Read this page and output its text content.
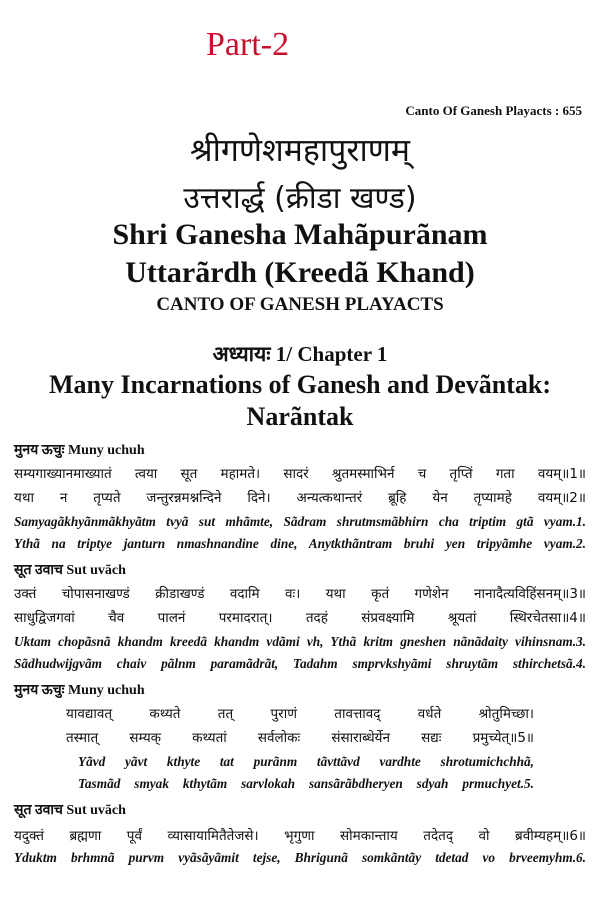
Part-2
Canto Of Ganesh Playacts : 655
श्रीगणेशमहापुराणम्
उत्तरार्द्ध (क्रीडा खण्ड)
Shri Ganesha Mahãpurãnam
Uttarãrdh (Kreedã Khand)
CANTO OF GANESH PLAYACTS
अध्यायः 1/ Chapter 1
Many Incarnations of Ganesh and Devãntak:
Narãntak
मुनय ऊचुः Muny uchuh
सम्यगाख्यानमाख्यातं त्वया सूत महामते। सादरं श्रुतमस्माभिर्न च तृप्तिं गता वयम्॥1॥
यथा न तृप्यते जन्तुरन्नमश्नन्दिने दिने। अन्यत्कथान्तरं ब्रूहि येन तृप्यामहे वयम्॥2॥
Samyagãkhyãnmãkhyãtm tvyã sut mhãmte, Sãdram shrutmsmãbhirn cha triptim gtã vyam.1.
Ythã na triptye janturn nmashnandine dine, Anytkthãntram bruhi yen tripyãmhe vyam.2.
सूत उवाच Sut uvãch
उक्तं चोपासनाखण्डं क्रीडाखण्डं वदामि वः। यथा कृतं गणेशेन नानादैत्यविहिंसनम्॥3॥
साधुद्विजगवां चैव पालनं परमादरात्। तदहं संप्रवक्ष्यामि श्रूयतां स्थिरचेतसा॥4॥
Uktam chopãsnã khandm kreedã khandm vdãmi vh, Ythã kritm gneshen nãnãdaity vihinsnam.3.
Sãdhudwijgvãm chaiv pãlnm paramãdrãt, Tadahm smprvkshyãmi shruytãm sthirchetsã.4.
मुनय ऊचुः Muny uchuh
यावद्यावत् कथ्यते तत् पुराणं तावत्तावद् वर्धते श्रोतुमिच्छा।
तस्मात् सम्यक् कथ्यतां सर्वलोकः संसाराब्धेर्येन सद्यः प्रमुच्येत्॥5॥
Yãvd yãvt kthyte tat purãnm tãvttãvd vardhte shrotumichchhã,
Tasmãd smyak kthytãm sarvlokah sansãrãbdheryen sdyah prmuchyet.5.
सूत उवाच Sut uvãch
यदुक्तं ब्रह्मणा पूर्वं व्यासायामितैतेजसे। भृगुणा सोमकान्ताय तदेतद् वो ब्रवीम्यहम्॥6॥
Yduktm brhmnã purvm vyãsãyãmit tejse, Bhrigunã somkãntãy tdetad vo brveemyhm.6.
